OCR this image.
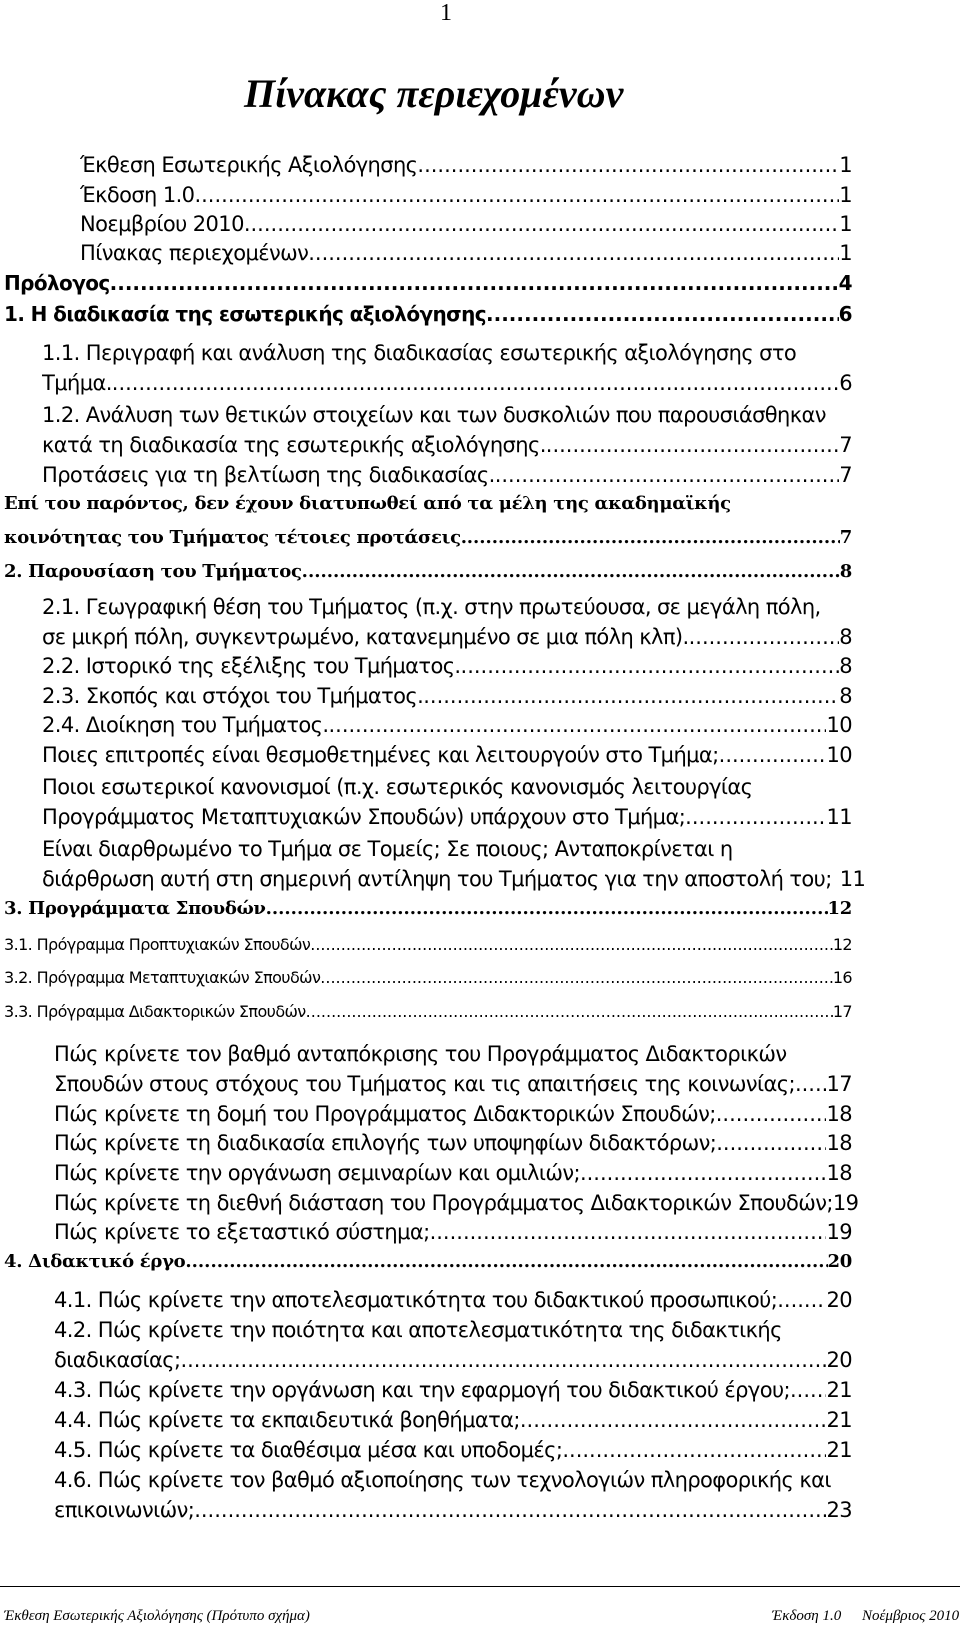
1
Πίνακας περιεχομένων
Έκθεση Εσωτερικής Αξιολόγησης .....	1
Έκδοση 1.0 .....	1
Νοεμβρίου 2010 .....	1
Πίνακας περιεχομένων .....	1
Πρόλογος .....	4
1. Η διαδικασία της εσωτερικής αξιολόγησης .....	6
1.1. Περιγραφή και ανάλυση της διαδικασίας εσωτερικής αξιολόγησης στο
Τμήμα. .....	6
1.2. Ανάλυση των θετικών στοιχείων και των δυσκολιών που παρουσιάσθηκαν
κατά τη διαδικασία της εσωτερικής αξιολόγησης. .....	7
Προτάσεις για τη βελτίωση της διαδικασίας. .....	7
Επί του παρόντος, δεν έχουν διατυπωθεί από τα μέλη της ακαδημαϊκής
κοινότητας του Τμήματος τέτοιες προτάσεις. .....	7
2. Παρουσίαση του Τμήματος .....	8
2.1. Γεωγραφική θέση του Τμήματος (π.χ. στην πρωτεύουσα, σε μεγάλη πόλη,
σε μικρή πόλη, συγκεντρωμένο, κατανεμημένο σε μια πόλη κλπ). .....	8
2.2. Ιστορικό της εξέλιξης του Τμήματος. .....	8
2.3. Σκοπός και στόχοι του Τμήματος. .....	8
2.4. Διοίκηση του Τμήματος. .....	10
Ποιες επιτροπές είναι θεσμοθετημένες και λειτουργούν στο Τμήμα; .....	10
Ποιοι εσωτερικοί κανονισμοί (π.χ. εσωτερικός κανονισμός λειτουργίας
Προγράμματος Μεταπτυχιακών Σπουδών) υπάρχουν στο Τμήμα; .....	11
Είναι διαρθρωμένο το Τμήμα σε Τομείς; Σε ποιους; Ανταποκρίνεται η
διάρθρωση αυτή στη σημερινή αντίληψη του Τμήματος για την αποστολή του; 11
3. Προγράμματα Σπουδών .....	12
3.1. Πρόγραμμα Προπτυχιακών Σπουδών .....	12
3.2. Πρόγραμμα Μεταπτυχιακών Σπουδών .....	16
3.3. Πρόγραμμα Διδακτορικών Σπουδών .....	17
Πώς κρίνετε τον βαθμό ανταπόκρισης του Προγράμματος Διδακτορικών
Σπουδών στους στόχους του Τμήματος και τις απαιτήσεις της κοινωνίας; ..... 17
Πώς κρίνετε τη δομή του Προγράμματος Διδακτορικών Σπουδών; .....	18
Πώς κρίνετε τη διαδικασία επιλογής των υποψηφίων διδακτόρων; .....	18
Πώς κρίνετε την οργάνωση σεμιναρίων και ομιλιών; .....	18
Πώς κρίνετε τη διεθνή διάσταση του Προγράμματος Διδακτορικών Σπουδών; 19
Πώς κρίνετε το εξεταστικό σύστημα; .....	19
4. Διδακτικό έργο .....	20
4.1. Πώς κρίνετε την αποτελεσματικότητα του διδακτικού προσωπικού; ..... 20
4.2. Πώς κρίνετε την ποιότητα και αποτελεσματικότητα της διδακτικής
διαδικασίας; .....	20
4.3. Πώς κρίνετε την οργάνωση και την εφαρμογή του διδακτικού έργου; ..... 21
4.4. Πώς κρίνετε τα εκπαιδευτικά βοηθήματα; .....	21
4.5. Πώς κρίνετε τα διαθέσιμα μέσα και υποδομές; .....	21
4.6. Πώς κρίνετε τον βαθμό αξιοποίησης των τεχνολογιών πληροφορικής και
επικοινωνιών; .....	23
Έκθεση Εσωτερικής Αξιολόγησης (Πρότυπο σχήμα)	Έκδοση 1.0 Νοέμβριος 2010
